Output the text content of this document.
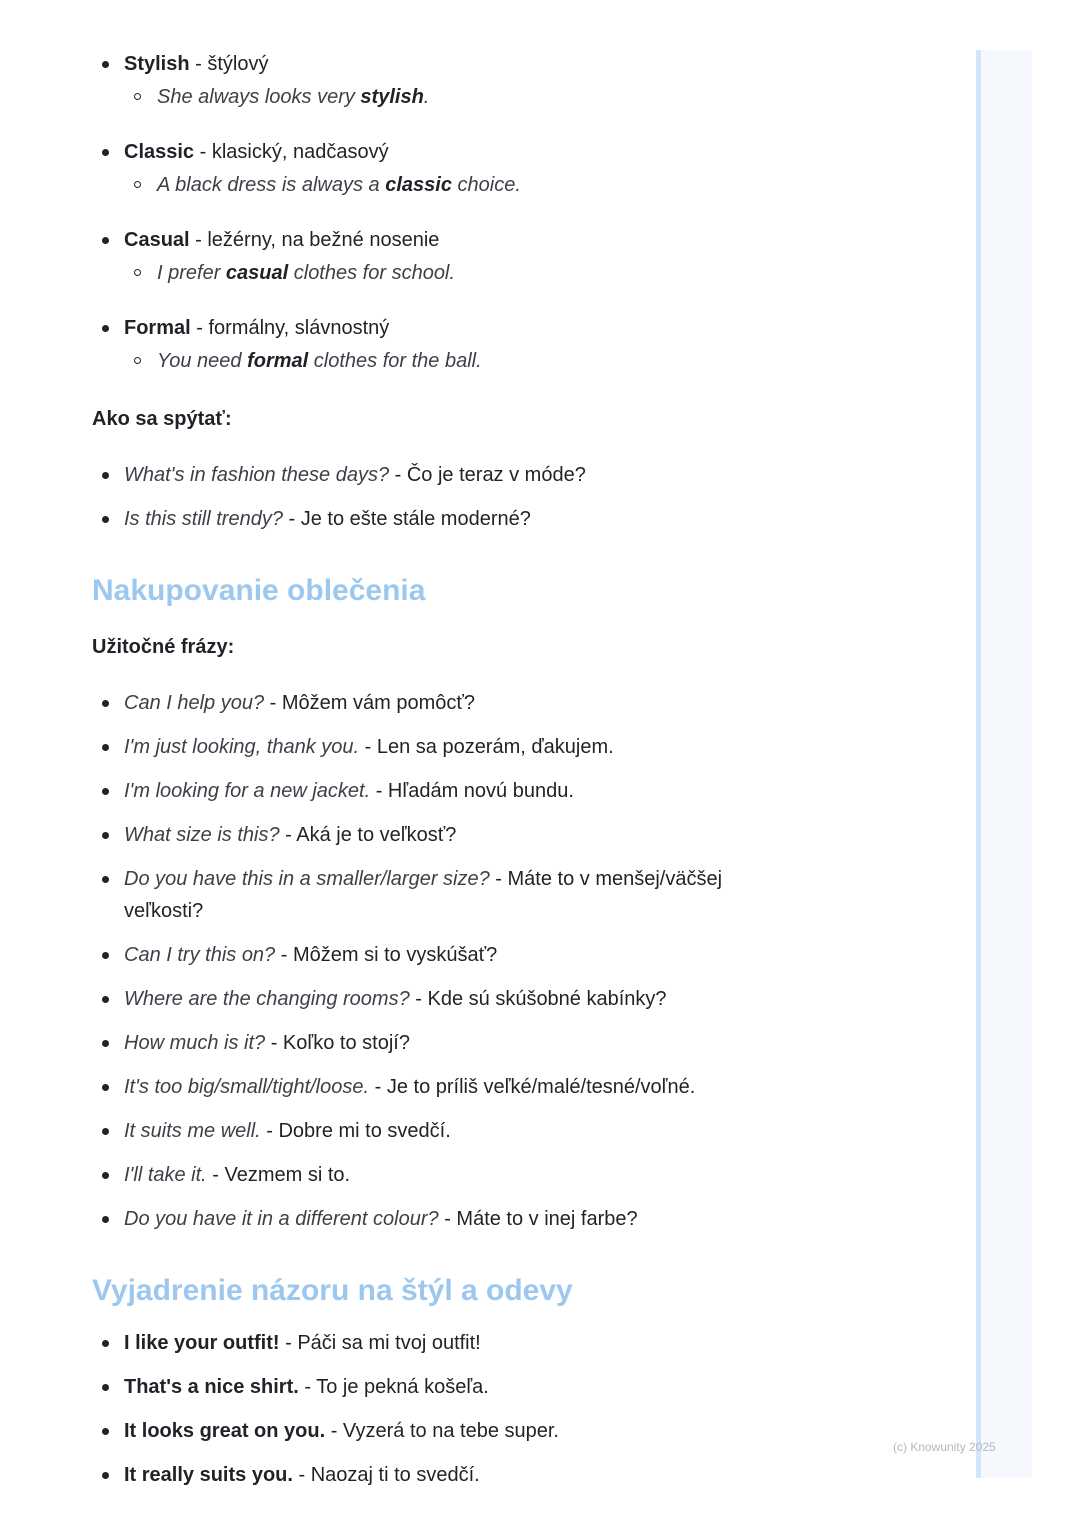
Stylish - štýlový
She always looks very stylish.
Classic - klasický, nadčasový
A black dress is always a classic choice.
Casual - ležérny, na bežné nosenie
I prefer casual clothes for school.
Formal - formálny, slávnostný
You need formal clothes for the ball.

Ako sa spýtať:

What's in fashion these days? - Čo je teraz v móde?
Is this still trendy? - Je to ešte stále moderné?
Nakupovanie oblečenia

Užitočné frázy:

Can I help you? - Môžem vám pomôcť?
I'm just looking, thank you. - Len sa pozerám, ďakujem.
I'm looking for a new jacket. - Hľadám novú bundu.
What size is this? - Aká je to veľkosť?
Do you have this in a smaller/larger size? - Máte to v menšej/väčšej veľkosti?
Can I try this on? - Môžem si to vyskúšať?
Where are the changing rooms? - Kde sú skúšobné kabínky?
How much is it? - Koľko to stojí?
It's too big/small/tight/loose. - Je to príliš veľké/malé/tesné/voľné.
It suits me well. - Dobre mi to svedčí.
I'll take it. - Vezmem si to.
Do you have it in a different colour? - Máte to v inej farbe?
Vyjadrenie názoru na štýl a odevy
I like your outfit! - Páči sa mi tvoj outfit!
That's a nice shirt. - To je pekná košeľa.
It looks great on you. - Vyzerá to na tebe super.
It really suits you. - Naozaj ti to svedčí.
(c) Knowunity 2025
